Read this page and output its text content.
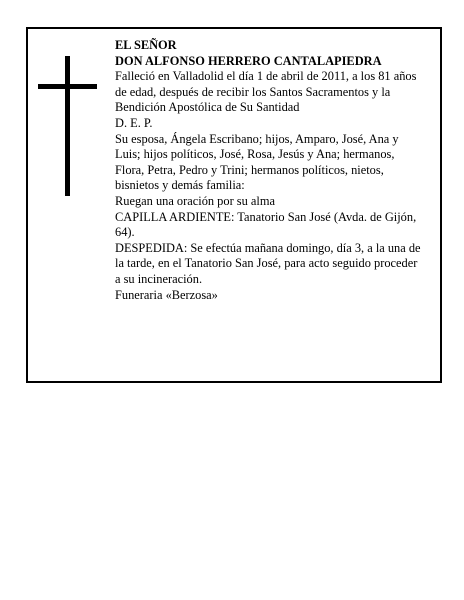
EL SEÑOR

DON ALFONSO HERRERO CANTALAPIEDRA

Falleció en Valladolid el día 1 de abril de 2011, a los 81 años de edad, después de recibir los Santos Sacramentos y la Bendición Apostólica de Su Santidad

D. E. P.

Su esposa, Ángela Escribano; hijos, Amparo, José, Ana y Luis; hijos políticos, José, Rosa, Jesús y Ana; hermanos, Flora, Petra, Pedro y Trini; hermanos políticos, nietos, bisnietos y demás familia:

Ruegan una oración por su alma

CAPILLA ARDIENTE: Tanatorio San José (Avda. de Gijón, 64).

DESPEDIDA: Se efectúa mañana domingo, día 3, a la una de la tarde, en el Tanatorio San José, para acto seguido proceder a su incineración.

Funeraria «Berzosa»
